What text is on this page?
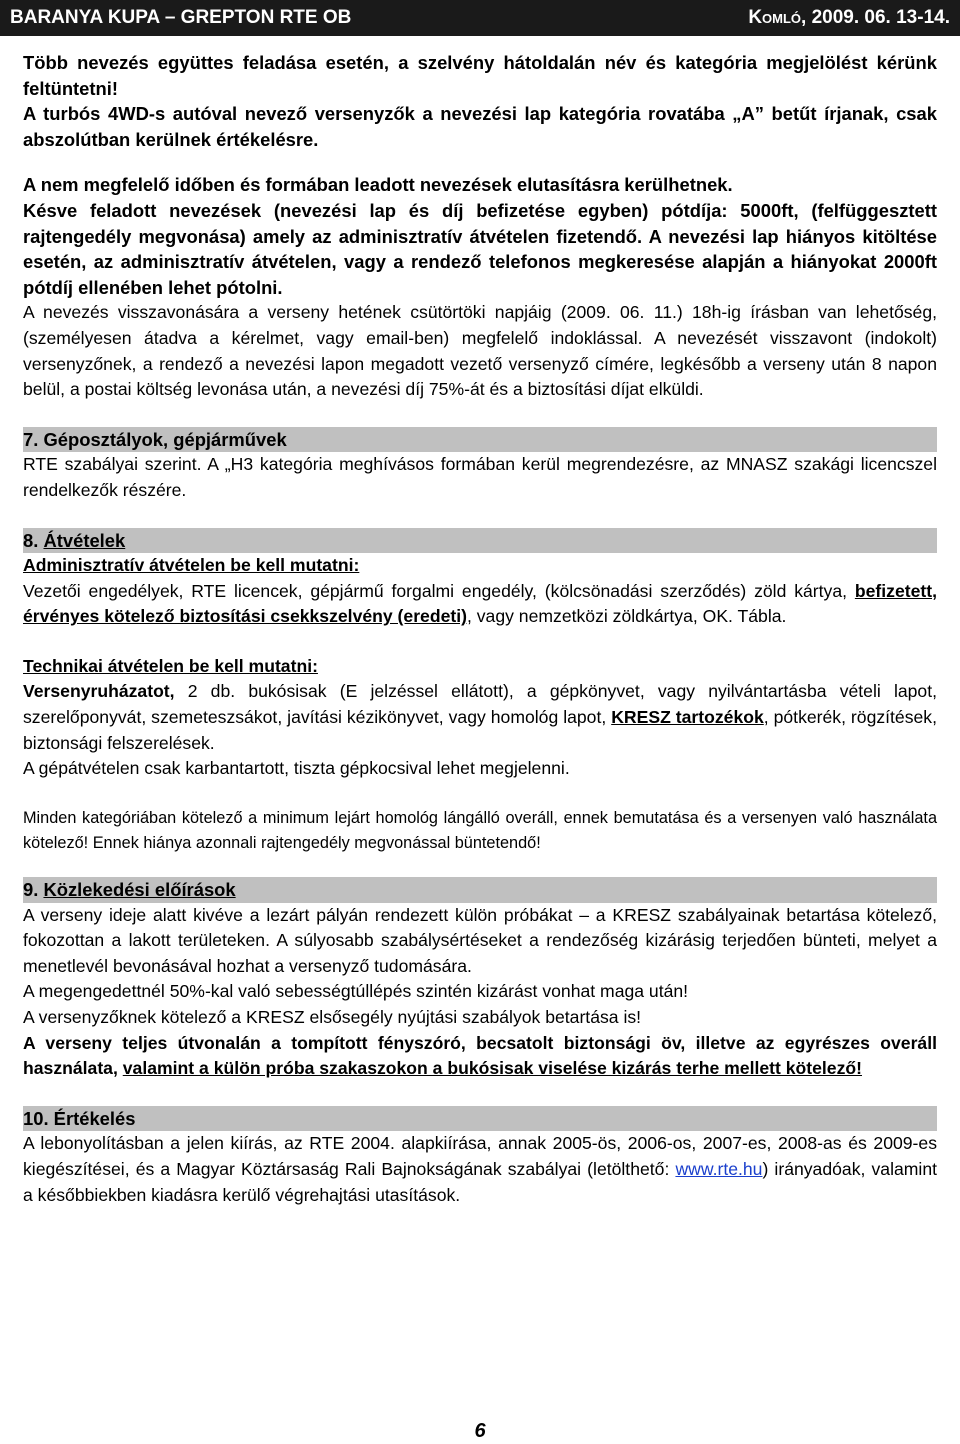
BARANYA KUPA – GREPTON RTE OB	Komló, 2009. 06. 13-14.

Több nevezés együttes feladása esetén, a szelvény hátoldalán név és kategória megjelölést kérünk feltüntetni!

A turbós 4WD-s autóval nevező versenyzők a nevezési lap kategória rovatába „A” betűt írjanak, csak abszolútban kerülnek értékelésre.

A nem megfelelő időben és formában leadott nevezések elutasításra kerülhetnek.

Késve feladott nevezések (nevezési lap és díj befizetése egyben) pótdíja: 5000ft, (felfüggesztett rajtengedély megvonása) amely az adminisztratív átvételen fizetendő. A nevezési lap hiányos kitöltése esetén, az adminisztratív átvételen, vagy a rendező telefonos megkeresése alapján a hiányokat 2000ft pótdíj ellenében lehet pótolni.

A nevezés visszavonására a verseny hetének csütörtöki napjáig (2009. 06. 11.) 18h-ig írásban van lehetőség, (személyesen átadva a kérelmet, vagy email-ben) megfelelő indoklással. A nevezését visszavont (indokolt) versenyzőnek, a rendező a nevezési lapon megadott vezető versenyző címére, legkésőbb a verseny után 8 napon belül, a postai költség levonása után, a nevezési díj 75%-át és a biztosítási díjat elküldi.

7. Géposztályok, gépjárművek

RTE szabályai szerint. A „H3 kategória meghívásos formában kerül megrendezésre, az MNASZ szakági licencszel rendelkezők részére.

8. Átvételek

Adminisztratív átvételen be kell mutatni:

Vezetői engedélyek, RTE licencek, gépjármű forgalmi engedély, (kölcsönadási szerződés) zöld kártya, befizetett, érvényes kötelező biztosítási csekkszelvény (eredeti), vagy nemzetközi zöldkártya, OK. Tábla.

Technikai átvételen be kell mutatni:

Versenyruházatot, 2 db. bukósisak (E jelzéssel ellátott), a gépkönyvet, vagy nyilvántartásba vételi lapot, szerelőponyvát, szemeteszsákot, javítási kézikönyvet, vagy homológ lapot, KRESZ tartozékok, pótkerék, rögzítések, biztonsági felszerelések.

A gépátvételen csak karbantartott, tiszta gépkocsival lehet megjelenni.

Minden kategóriában kötelező a minimum lejárt homológ lángálló overáll, ennek bemutatása és a versenyen való használata kötelező! Ennek hiánya azonnali rajtengedély megvonással büntetendő!

9. Közlekedési előírások

A verseny ideje alatt kivéve a lezárt pályán rendezett külön próbákat – a KRESZ szabályainak betartása kötelező, fokozottan a lakott területeken. A súlyosabb szabálysértéseket a rendezőség kizárásig terjedően bünteti, melyet a menetlevél bevonásával hozhat a versenyző tudomására.

A megengedettnél 50%-kal való sebességtúllépés szintén kizárást vonhat maga után!

A versenyzőknek kötelező a KRESZ elsősegély nyújtási szabályok betartása is!

A verseny teljes útvonalán a tompított fényszóró, becsatolt biztonsági öv, illetve az egyrészes overáll használata, valamint a külön próba szakaszokon a bukósisak viselése kizárás terhe mellett kötelező!

10. Értékelés

A lebonyolításban a jelen kiírás, az RTE 2004. alapkiírása, annak 2005-ös, 2006-os, 2007-es, 2008-as és 2009-es kiegészítései, és a Magyar Köztársaság Rali Bajnokságának szabályai (letölthető: www.rte.hu) irányadóak, valamint a későbbiekben kiadásra kerülő végrehajtási utasítások.

6
